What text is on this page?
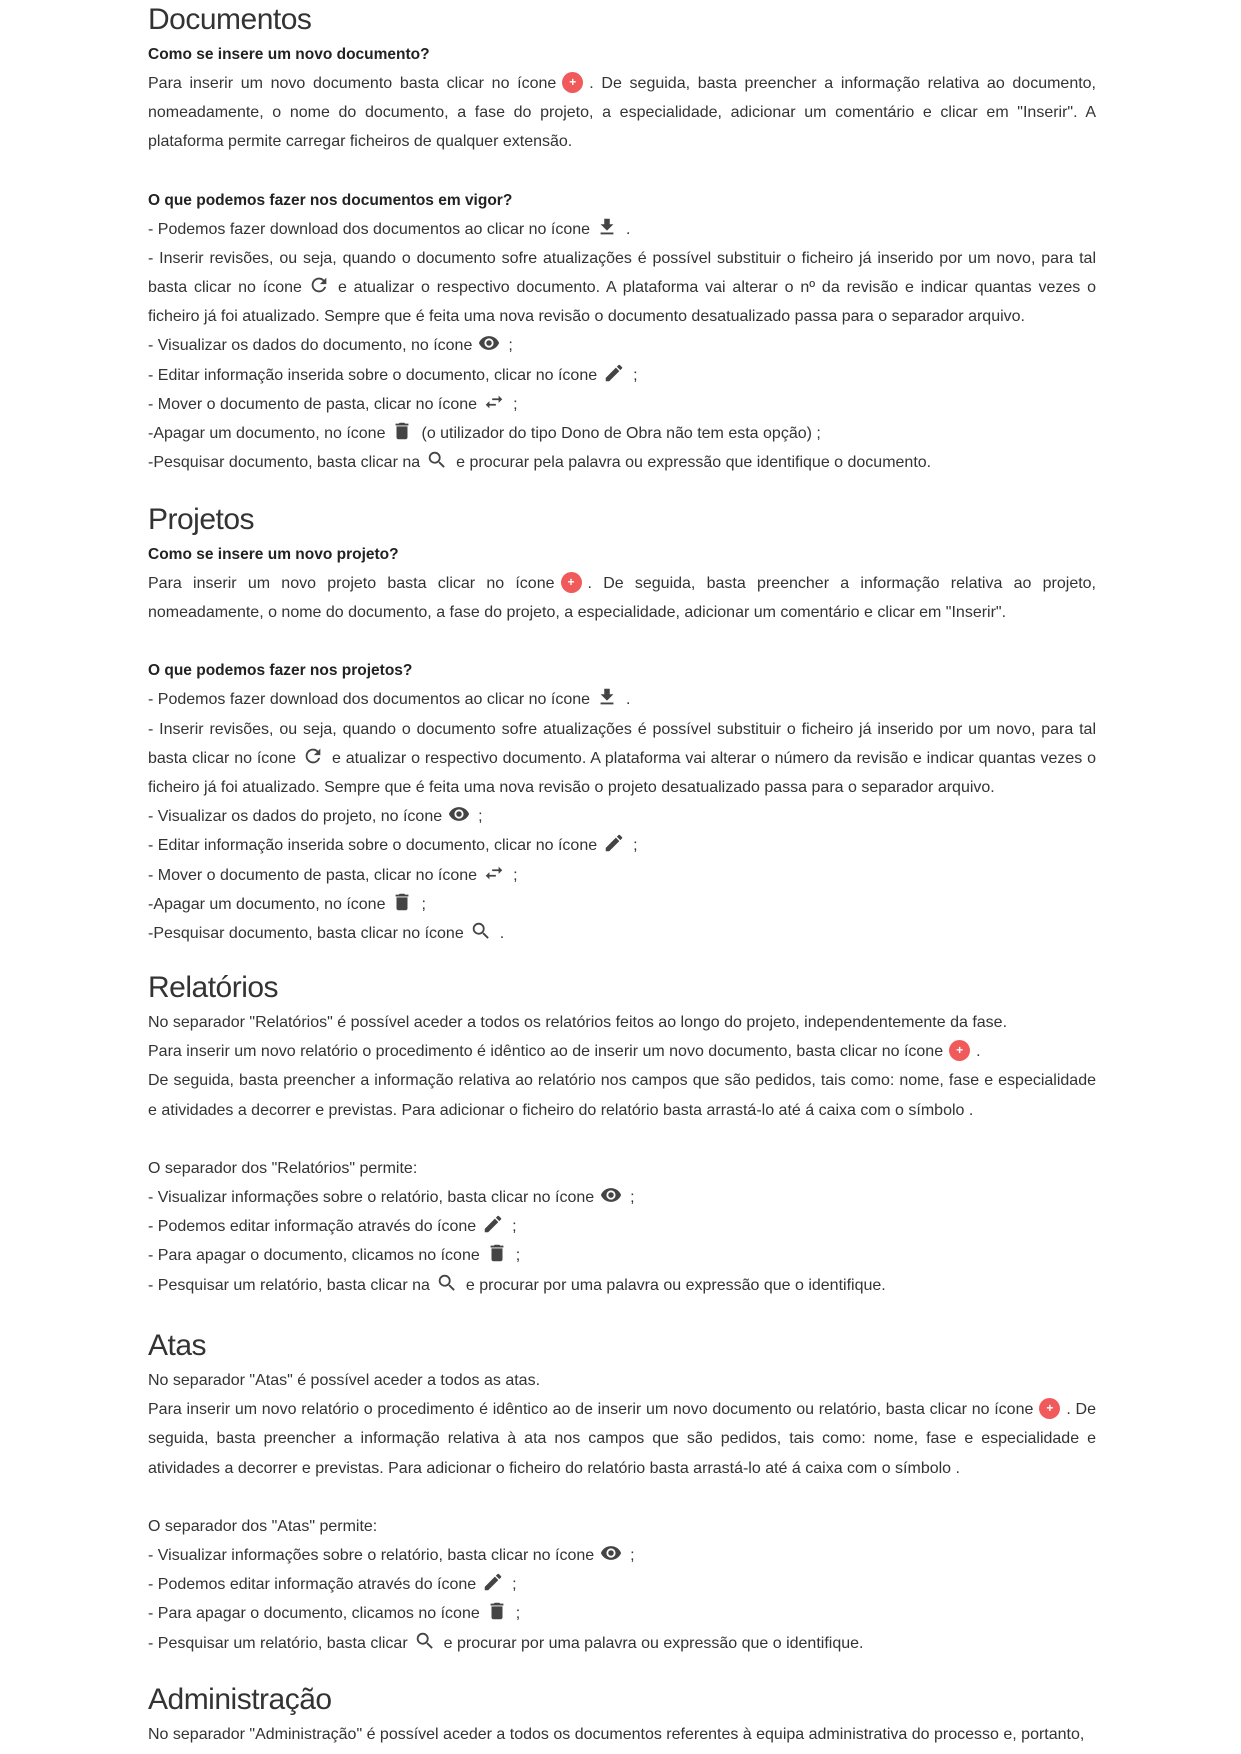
Documentos
Como se insere um novo documento?

Para inserir um novo documento basta clicar no ícone + . De seguida, basta preencher a informação relativa ao documento, nomeadamente, o nome do documento, a fase do projeto, a especialidade, adicionar um comentário e clicar em "Inserir". A plataforma permite carregar ficheiros de qualquer extensão.

O que podemos fazer nos documentos em vigor?
- Podemos fazer download dos documentos ao clicar no ícone .

- Inserir revisões, ou seja, quando o documento sofre atualizações é possível substituir o ficheiro já inserido por um novo, para tal basta clicar no ícone e atualizar o respectivo documento. A plataforma vai alterar o nº da revisão e indicar quantas vezes o ficheiro já foi atualizado. Sempre que é feita uma nova revisão o documento desatualizado passa para o separador arquivo.

- Visualizar os dados do documento, no ícone ;
- Editar informação inserida sobre o documento, clicar no ícone ;
- Mover o documento de pasta, clicar no ícone ;
-Apagar um documento, no ícone (o utilizador do tipo Dono de Obra não tem esta opção) ;
-Pesquisar documento, basta clicar na e procurar pela palavra ou expressão que identifique o documento.
Projetos
Como se insere um novo projeto?

Para inserir um novo projeto basta clicar no ícone + . De seguida, basta preencher a informação relativa ao projeto, nomeadamente, o nome do documento, a fase do projeto, a especialidade, adicionar um comentário e clicar em "Inserir".

O que podemos fazer nos projetos?
- Podemos fazer download dos documentos ao clicar no ícone .

- Inserir revisões, ou seja, quando o documento sofre atualizações é possível substituir o ficheiro já inserido por um novo, para tal basta clicar no ícone e atualizar o respectivo documento. A plataforma vai alterar o número da revisão e indicar quantas vezes o ficheiro já foi atualizado. Sempre que é feita uma nova revisão o projeto desatualizado passa para o separador arquivo.

- Visualizar os dados do projeto, no ícone ;
- Editar informação inserida sobre o documento, clicar no ícone ;
- Mover o documento de pasta, clicar no ícone ;
-Apagar um documento, no ícone ;
-Pesquisar documento, basta clicar no ícone .
Relatórios
No separador "Relatórios" é possível aceder a todos os relatórios feitos ao longo do projeto, independentemente da fase.
Para inserir um novo relatório o procedimento é idêntico ao de inserir um novo documento, basta clicar no ícone + .

De seguida, basta preencher a informação relativa ao relatório nos campos que são pedidos, tais como: nome, fase e especialidade e atividades a decorrer e previstas. Para adicionar o ficheiro do relatório basta arrastá-lo até á caixa com o símbolo .

O separador dos "Relatórios" permite:
- Visualizar informações sobre o relatório, basta clicar no ícone ;
- Podemos editar informação através do ícone ;
- Para apagar o documento, clicamos no ícone ;
- Pesquisar um relatório, basta clicar na e procurar por uma palavra ou expressão que o identifique.
Atas
No separador "Atas" é possível aceder a todos as atas.

Para inserir um novo relatório o procedimento é idêntico ao de inserir um novo documento ou relatório, basta clicar no ícone + . De seguida, basta preencher a informação relativa à ata nos campos que são pedidos, tais como: nome, fase e especialidade e atividades a decorrer e previstas. Para adicionar o ficheiro do relatório basta arrastá-lo até á caixa com o símbolo .

O separador dos "Atas" permite:
- Visualizar informações sobre o relatório, basta clicar no ícone ;
- Podemos editar informação através do ícone ;
- Para apagar o documento, clicamos no ícone ;
- Pesquisar um relatório, basta clicar e procurar por uma palavra ou expressão que o identifique.
Administração
No separador "Administração" é possível aceder a todos os documentos referentes à equipa administrativa do processo e, portanto,
